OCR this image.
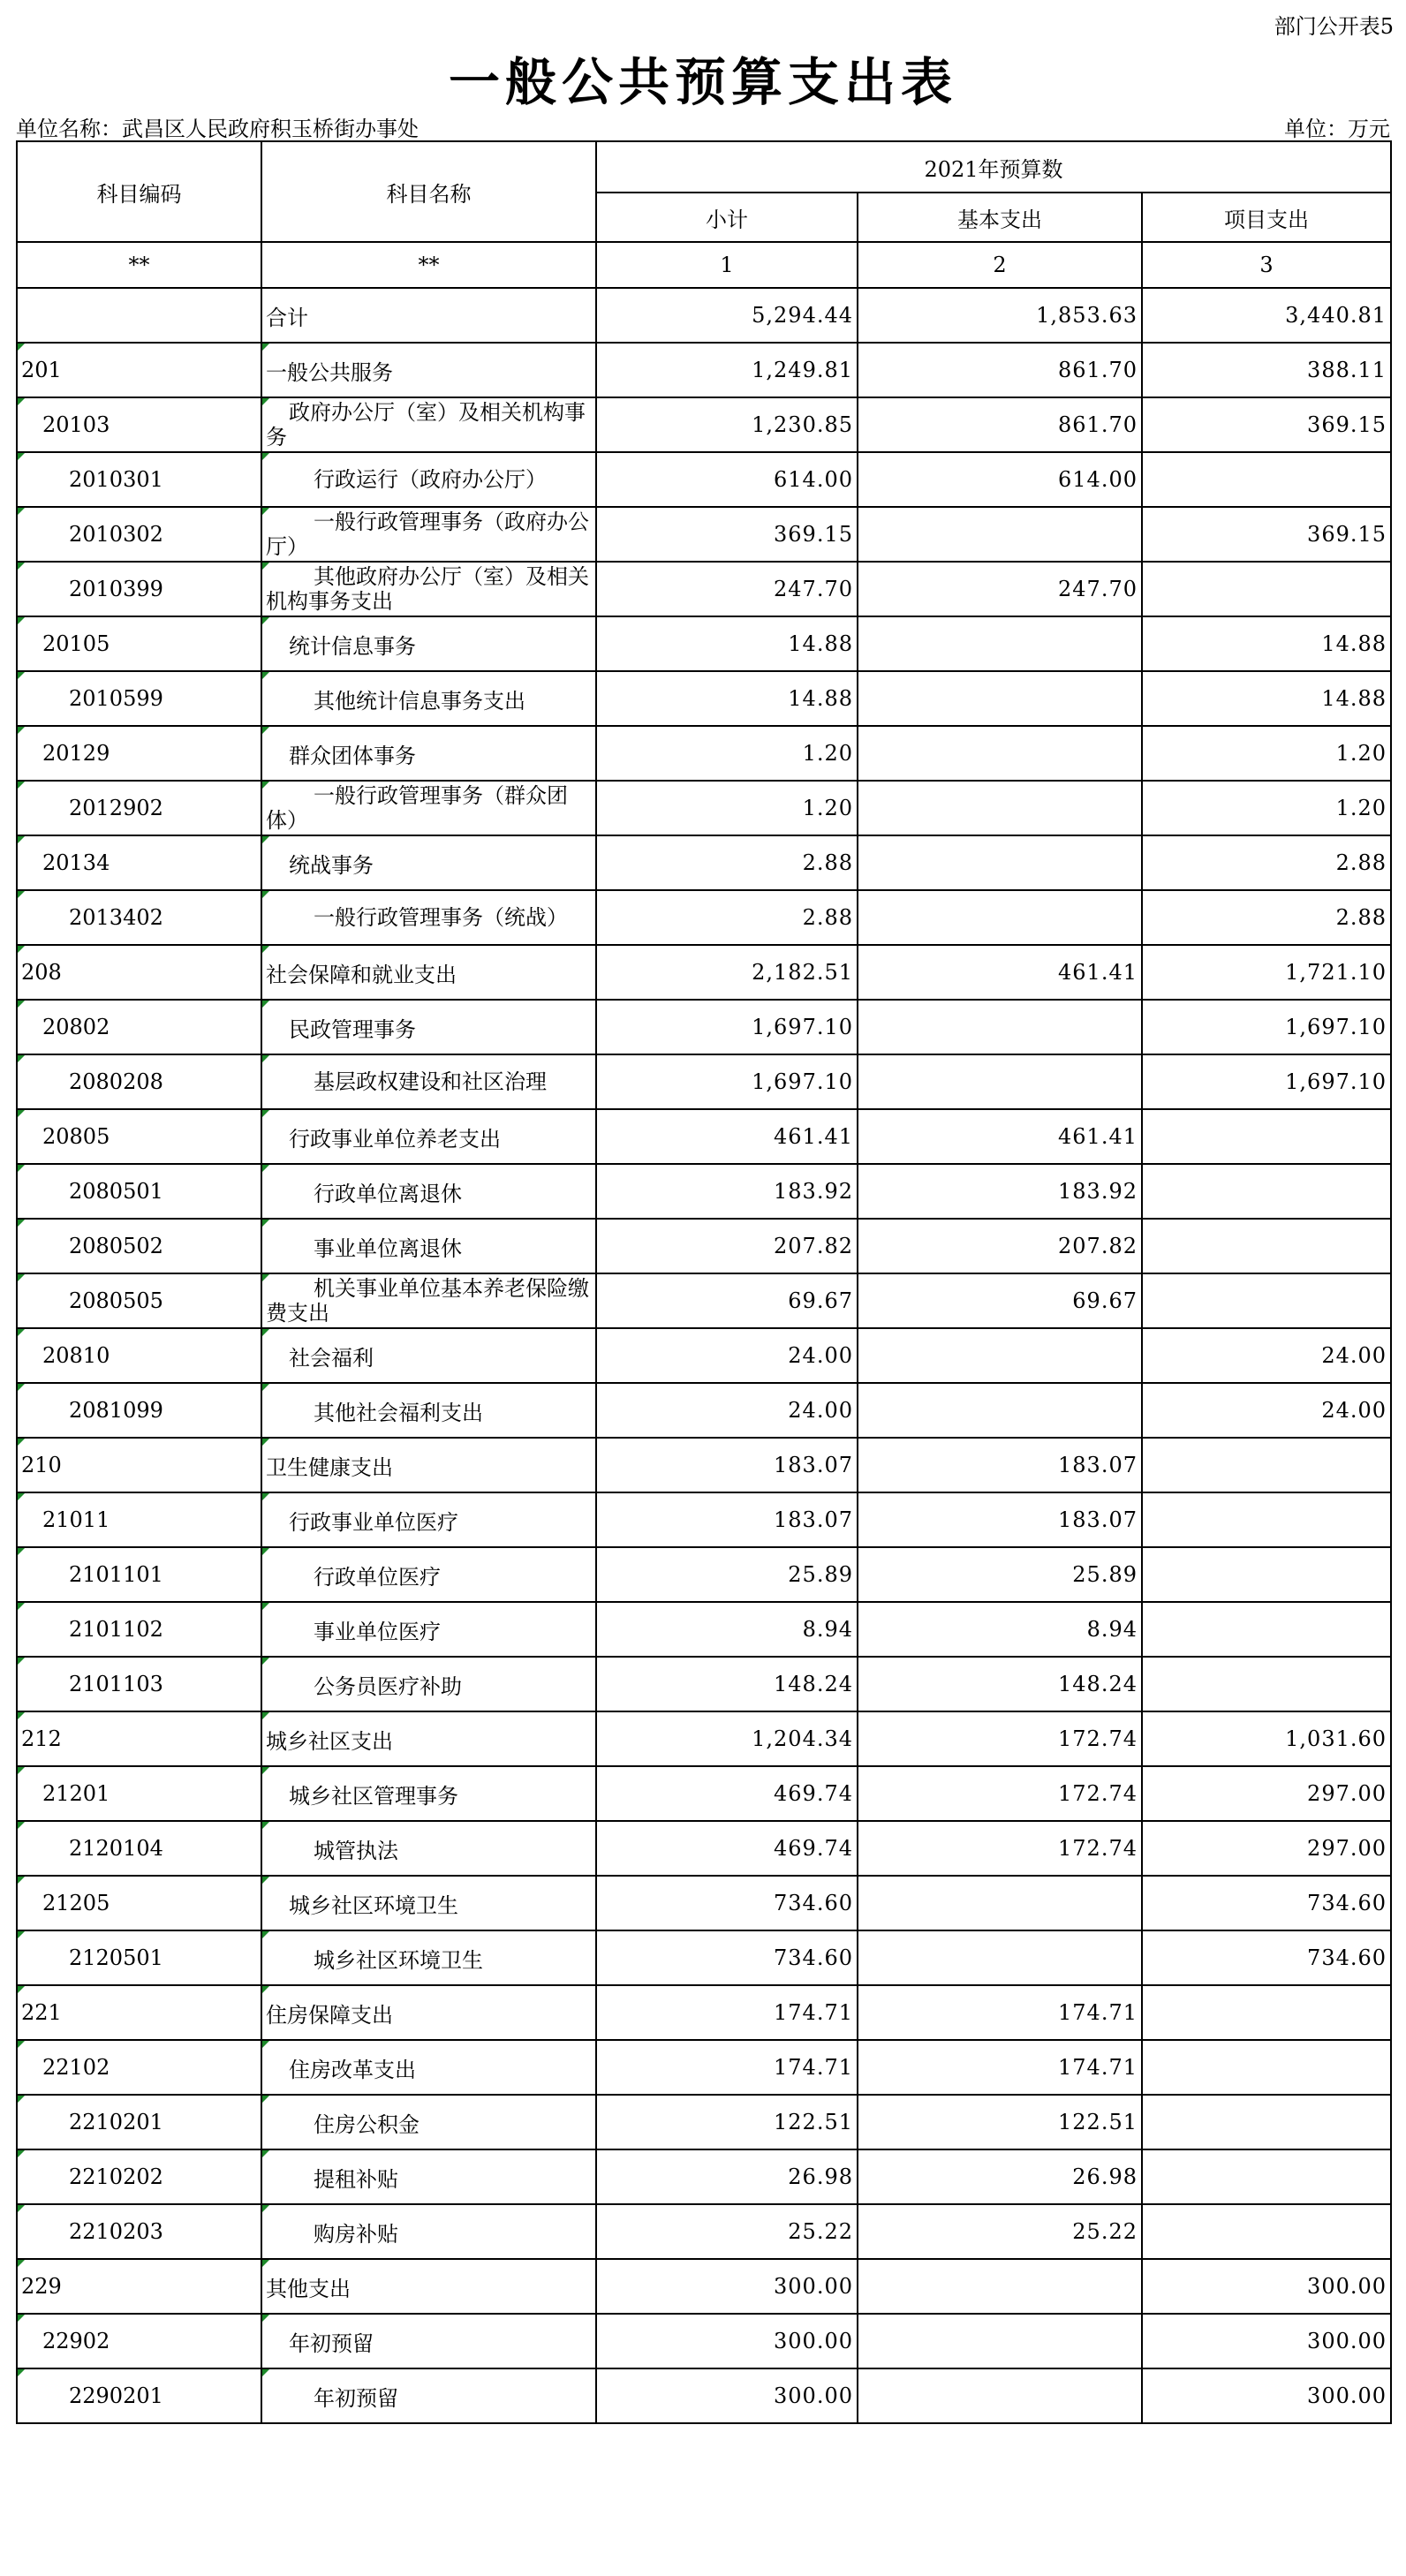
部门公开表5
一般公共预算支出表
单位名称：武昌区人民政府积玉桥街办事处	单位：万元
科目编码	科目名称	2021年预算数		
		小计	基本支出	项目支出
**	**	1	2	3
	合计	5,294.44	1,853.63	3,440.81
201	一般公共服务	1,249.81	861.70	388.11
20103	政府办公厅（室）及相关机构事务	1,230.85	861.70	369.15
2010301	行政运行（政府办公厅）	614.00	614.00	
2010302	一般行政管理事务（政府办公厅）	369.15		369.15
2010399	其他政府办公厅（室）及相关机构事务支出	247.70	247.70	
20105	统计信息事务	14.88		14.88
2010599	其他统计信息事务支出	14.88		14.88
20129	群众团体事务	1.20		1.20
2012902	一般行政管理事务（群众团体）	1.20		1.20
20134	统战事务	2.88		2.88
2013402	一般行政管理事务（统战）	2.88		2.88
208	社会保障和就业支出	2,182.51	461.41	1,721.10
20802	民政管理事务	1,697.10		1,697.10
2080208	基层政权建设和社区治理	1,697.10		1,697.10
20805	行政事业单位养老支出	461.41	461.41	
2080501	行政单位离退休	183.92	183.92	
2080502	事业单位离退休	207.82	207.82	
2080505	机关事业单位基本养老保险缴费支出	69.67	69.67	
20810	社会福利	24.00		24.00
2081099	其他社会福利支出	24.00		24.00
210	卫生健康支出	183.07	183.07	
21011	行政事业单位医疗	183.07	183.07	
2101101	行政单位医疗	25.89	25.89	
2101102	事业单位医疗	8.94	8.94	
2101103	公务员医疗补助	148.24	148.24	
212	城乡社区支出	1,204.34	172.74	1,031.60
21201	城乡社区管理事务	469.74	172.74	297.00
2120104	城管执法	469.74	172.74	297.00
21205	城乡社区环境卫生	734.60		734.60
2120501	城乡社区环境卫生	734.60		734.60
221	住房保障支出	174.71	174.71	
22102	住房改革支出	174.71	174.71	
2210201	住房公积金	122.51	122.51	
2210202	提租补贴	26.98	26.98	
2210203	购房补贴	25.22	25.22	
229	其他支出	300.00		300.00
22902	年初预留	300.00		300.00
2290201	年初预留	300.00		300.00
